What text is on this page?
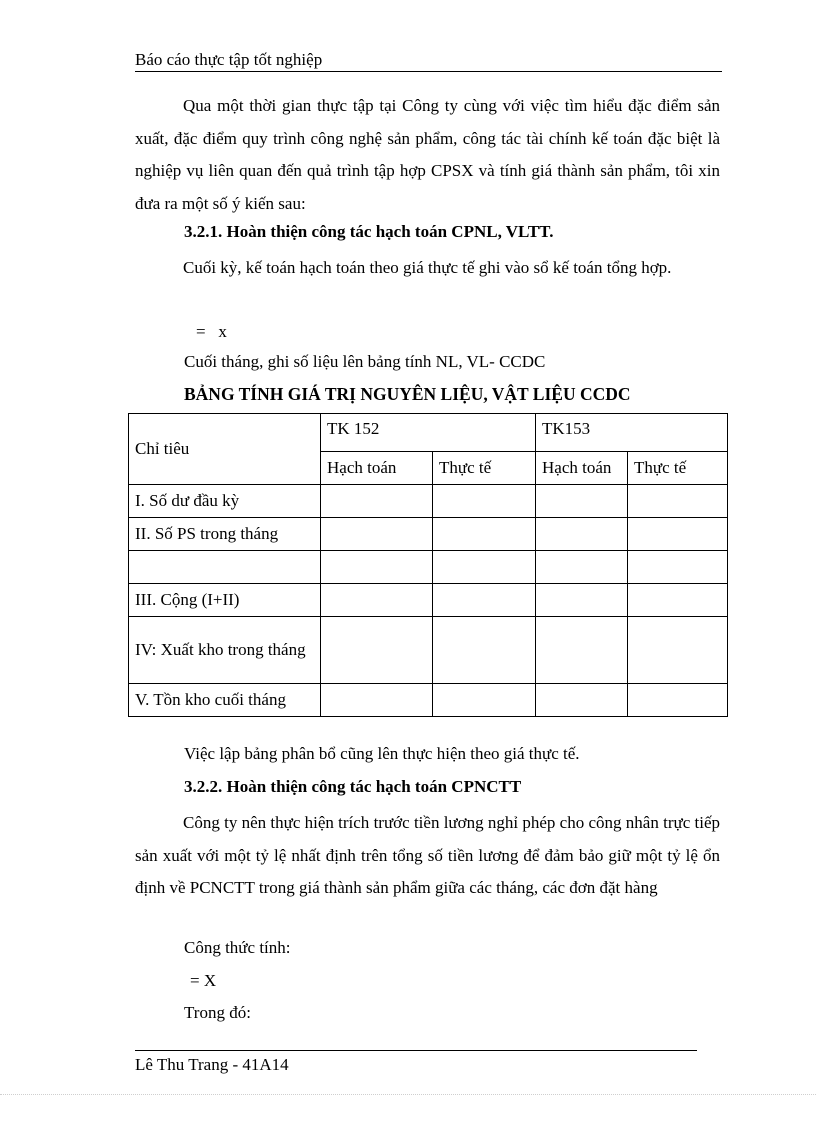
Báo cáo thực tập tốt nghiệp

Qua một thời gian thực tập tại Công ty cùng với việc tìm hiểu đặc điểm sản xuất, đặc điểm quy trình công nghệ sản phẩm, công tác tài chính kế toán đặc biệt là nghiệp vụ liên quan đến quả trình tập hợp CPSX và tính giá thành sản phẩm, tôi xin đưa ra một số ý kiến sau:

3.2.1. Hoàn thiện công tác hạch toán CPNL, VLTT.

Cuối kỳ, kế toán hạch toán theo giá thực tế ghi vào sổ kế toán tổng hợp.

=   x
Cuối tháng, ghi số liệu lên bảng tính NL, VL- CCDC
BẢNG TÍNH GIÁ TRỊ NGUYÊN LIỆU, VẬT LIỆU CCDC
Chỉ tiêu	TK 152		TK153	
	Hạch toán	Thực tế	Hạch toán	Thực tế
I. Số dư đầu kỳ				
II. Số PS trong tháng				

III. Cộng (I+II)				
IV: Xuất kho trong tháng				
V. Tồn kho cuối tháng				
Việc lập bảng phân bổ cũng lên thực hiện theo giá thực tế.
3.2.2. Hoàn thiện công tác hạch toán CPNCTT

Công ty nên thực hiện trích trước tiền lương nghỉ phép cho công nhân trực tiếp sản xuất với một tỷ lệ nhất định trên tổng số tiền lương để đảm bảo giữ một tỷ lệ ổn định về PCNCTT trong giá thành sản phẩm giữa các tháng, các đơn đặt hàng

Công thức tính:
= X
Trong đó:
Lê Thu Trang - 41A14
